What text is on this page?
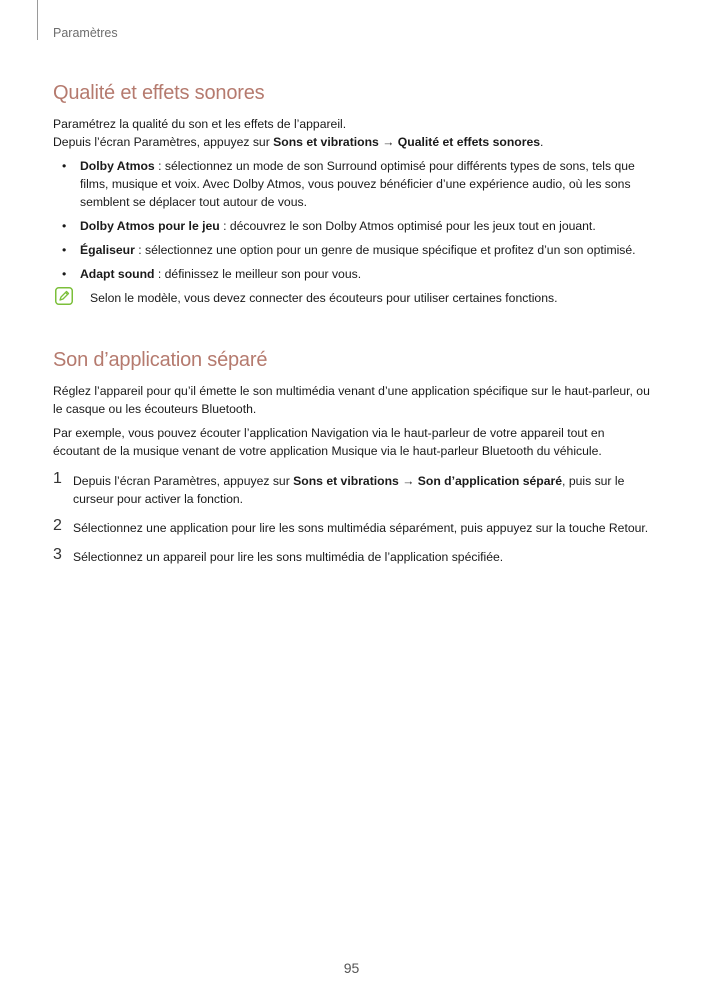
Paramètres
Qualité et effets sonores

Paramétrez la qualité du son et les effets de l’appareil.

Depuis l’écran Paramètres, appuyez sur Sons et vibrations → Qualité et effets sonores.

• Dolby Atmos : sélectionnez un mode de son Surround optimisé pour différents types de sons, tels que films, musique et voix. Avec Dolby Atmos, vous pouvez bénéficier d’une expérience audio, où les sons semblent se déplacer tout autour de vous.
• Dolby Atmos pour le jeu : découvrez le son Dolby Atmos optimisé pour les jeux tout en jouant.
• Égaliseur : sélectionnez une option pour un genre de musique spécifique et profitez d’un son optimisé.
• Adapt sound : définissez le meilleur son pour vous.
Selon le modèle, vous devez connecter des écouteurs pour utiliser certaines fonctions.
Son d’application séparé

Réglez l’appareil pour qu’il émette le son multimédia venant d’une application spécifique sur le haut-parleur, ou le casque ou les écouteurs Bluetooth.

Par exemple, vous pouvez écouter l’application Navigation via le haut-parleur de votre appareil tout en écoutant de la musique venant de votre application Musique via le haut-parleur Bluetooth du véhicule.

1 Depuis l’écran Paramètres, appuyez sur Sons et vibrations → Son d’application séparé, puis sur le curseur pour activer la fonction.
2 Sélectionnez une application pour lire les sons multimédia séparément, puis appuyez sur la touche Retour.
3 Sélectionnez un appareil pour lire les sons multimédia de l’application spécifiée.
95
